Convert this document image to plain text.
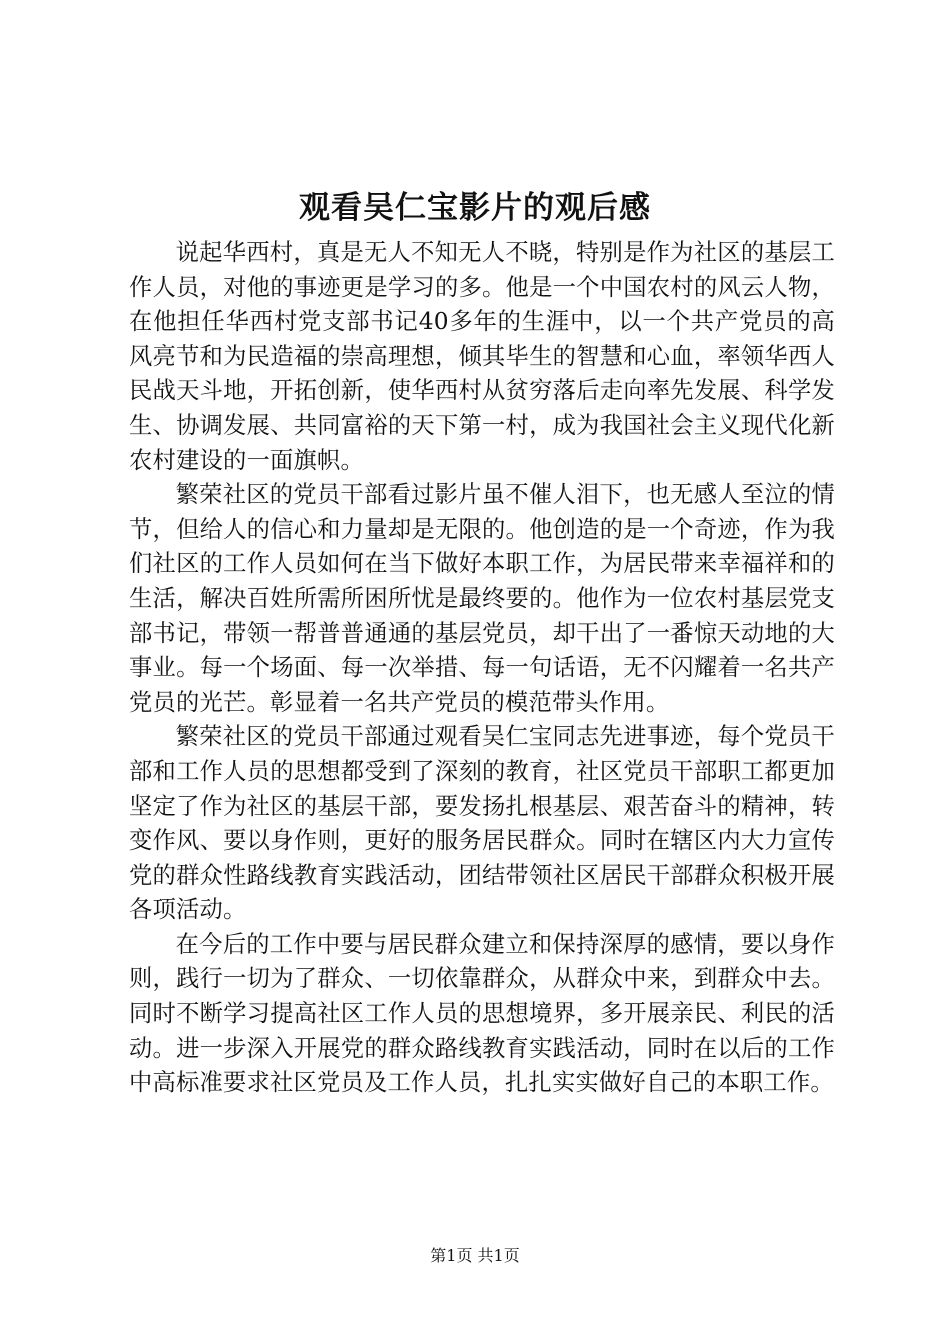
观看吴仁宝影片的观后感

说起华西村，真是无人不知无人不晓，特别是作为社区的基层工作人员，对他的事迹更是学习的多。他是一个中国农村的风云人物，在他担任华西村党支部书记40多年的生涯中，以一个共产党员的高风亮节和为民造福的崇高理想，倾其毕生的智慧和心血，率领华西人民战天斗地，开拓创新，使华西村从贫穷落后走向率先发展、科学发生、协调发展、共同富裕的天下第一村，成为我国社会主义现代化新农村建设的一面旗帜。

繁荣社区的党员干部看过影片虽不催人泪下，也无感人至泣的情节，但给人的信心和力量却是无限的。他创造的是一个奇迹，作为我们社区的工作人员如何在当下做好本职工作，为居民带来幸福祥和的生活，解决百姓所需所困所忧是最终要的。他作为一位农村基层党支部书记，带领一帮普普通通的基层党员，却干出了一番惊天动地的大事业。每一个场面、每一次举措、每一句话语，无不闪耀着一名共产党员的光芒。彰显着一名共产党员的模范带头作用。

繁荣社区的党员干部通过观看吴仁宝同志先进事迹，每个党员干部和工作人员的思想都受到了深刻的教育，社区党员干部职工都更加坚定了作为社区的基层干部，要发扬扎根基层、艰苦奋斗的精神，转变作风、要以身作则，更好的服务居民群众。同时在辖区内大力宣传党的群众性路线教育实践活动，团结带领社区居民干部群众积极开展各项活动。

在今后的工作中要与居民群众建立和保持深厚的感情，要以身作则，践行一切为了群众、一切依靠群众，从群众中来，到群众中去。同时不断学习提高社区工作人员的思想境界，多开展亲民、利民的活动。进一步深入开展党的群众路线教育实践活动，同时在以后的工作中高标准要求社区党员及工作人员，扎扎实实做好自己的本职工作。

第1页 共1页
